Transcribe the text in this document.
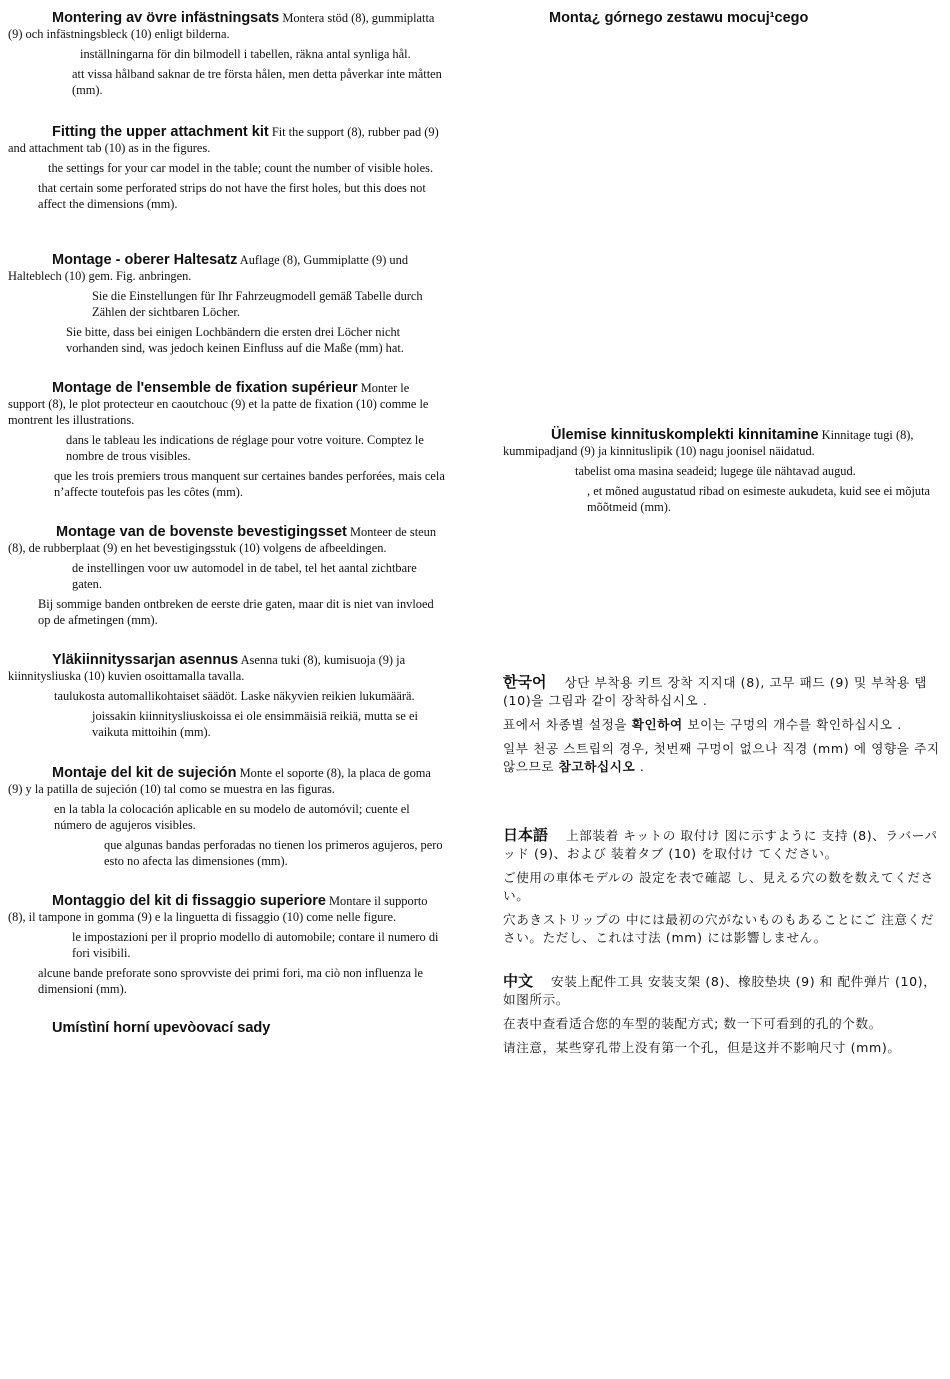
Montering av övre infästningsats Montera stöd (8), gummiplatta (9) och infästningsbleck (10) enligt bilderna.

inställningarna för din bilmodell i tabellen, räkna antal synliga hål.

att vissa hålband saknar de tre första hålen, men detta påverkar inte måtten (mm).

Fitting the upper attachment kit Fit the support (8), rubber pad (9) and attachment tab (10) as in the figures.

the settings for your car model in the table; count the number of visible holes.

that certain some perforated strips do not have the first holes, but this does not affect the dimensions (mm).

Montage - oberer Haltesatz Auflage (8), Gummiplatte (9) und Halteblech (10) gem. Fig. anbringen.

Sie die Einstellungen für Ihr Fahrzeugmodell gemäß Tabelle durch Zählen der sichtbaren Löcher.

Sie bitte, dass bei einigen Lochbändern die ersten drei Löcher nicht vorhanden sind, was jedoch keinen Einfluss auf die Maße (mm) hat.

Montage de l'ensemble de fixation supérieur Monter le support (8), le plot protecteur en caoutchouc (9) et la patte de fixation (10) comme le montrent les illustrations.

dans le tableau les indications de réglage pour votre voiture. Comptez le nombre de trous visibles.

que les trois premiers trous manquent sur certaines bandes perforées, mais cela n’affecte toutefois pas les côtes (mm).

Montage van de bovenste bevestigingsset Monteer de steun (8), de rubberplaat (9) en het bevestigingsstuk (10) volgens de afbeeldingen.

de instellingen voor uw automodel in de tabel, tel het aantal zichtbare gaten.

Bij sommige banden ontbreken de eerste drie gaten, maar dit is niet van invloed op de afmetingen (mm).

Yläkiinnityssarjan asennus Asenna tuki (8), kumisuoja (9) ja kiinnitysliuska (10) kuvien osoittamalla tavalla.

taulukosta automallikohtaiset säädöt. Laske näkyvien reikien lukumäärä.

joissakin kiinnitysliuskoissa ei ole ensimmäisiä reikiä, mutta se ei vaikuta mittoihin (mm).

Montaje del kit de sujeción Monte el soporte (8), la placa de goma (9) y la patilla de sujeción (10) tal como se muestra en las figuras.

en la tabla la colocación aplicable en su modelo de automóvil; cuente el número de agujeros visibles.

que algunas bandas perforadas no tienen los primeros agujeros, pero esto no afecta las dimensiones (mm).

Montaggio del kit di fissaggio superiore Montare il supporto (8), il tampone in gomma (9) e la linguetta di fissaggio (10) come nelle figure.

le impostazioni per il proprio modello di automobile; contare il numero di fori visibili.

alcune bande preforate sono sprovviste dei primi fori, ma ciò non influenza le dimensioni (mm).

Umístìní horní upevòovací sady

Monta¿ górnego zestawu mocuj¹cego

Ülemise kinnituskomplekti kinnitamine Kinnitage tugi (8), kummipadjand (9) ja kinnituslipik (10) nagu joonisel näidatud.

tabelist oma masina seadeid; lugege üle nähtavad augud.

, et mõned augustatud ribad on esimeste aukudeta, kuid see ei mõjuta mõõtmeid (mm).

한국어 상단 부착용 키트 장착 지지대 (8), 고무 패드 (9) 및 부착용 탭 (10)을 그림과 같이 장착하십시오 .

표에서 차종별 설정을 확인하여 보이는 구멍의 개수를 확인하십시오 .

일부 천공 스트립의 경우, 첫번째 구멍이 없으나 직경 (mm) 에 영향을 주지 않으므로 참고하십시오 .

日本語 上部装着 キットの 取付け 図に示すように 支持 (8)、ラバーパッド (9)、および 装着タブ (10) を取付け てください。

ご使用の車体モデルの 設定を表で確認 し、見える穴の数を数えてください。

穴あきストリップの 中には最初の穴がないものもあることにご 注意ください。ただし、これは寸法 (mm) には影響しません。

中文 安装上配件工具 安装支架 (8)、橡胶垫块 (9) 和 配件弹片 (10)，如图所示。

在表中查看适合您的车型的装配方式; 数一下可看到的孔的个数。

请注意，某些穿孔带上没有第一个孔，但是这并不影响尺寸 (mm)。
